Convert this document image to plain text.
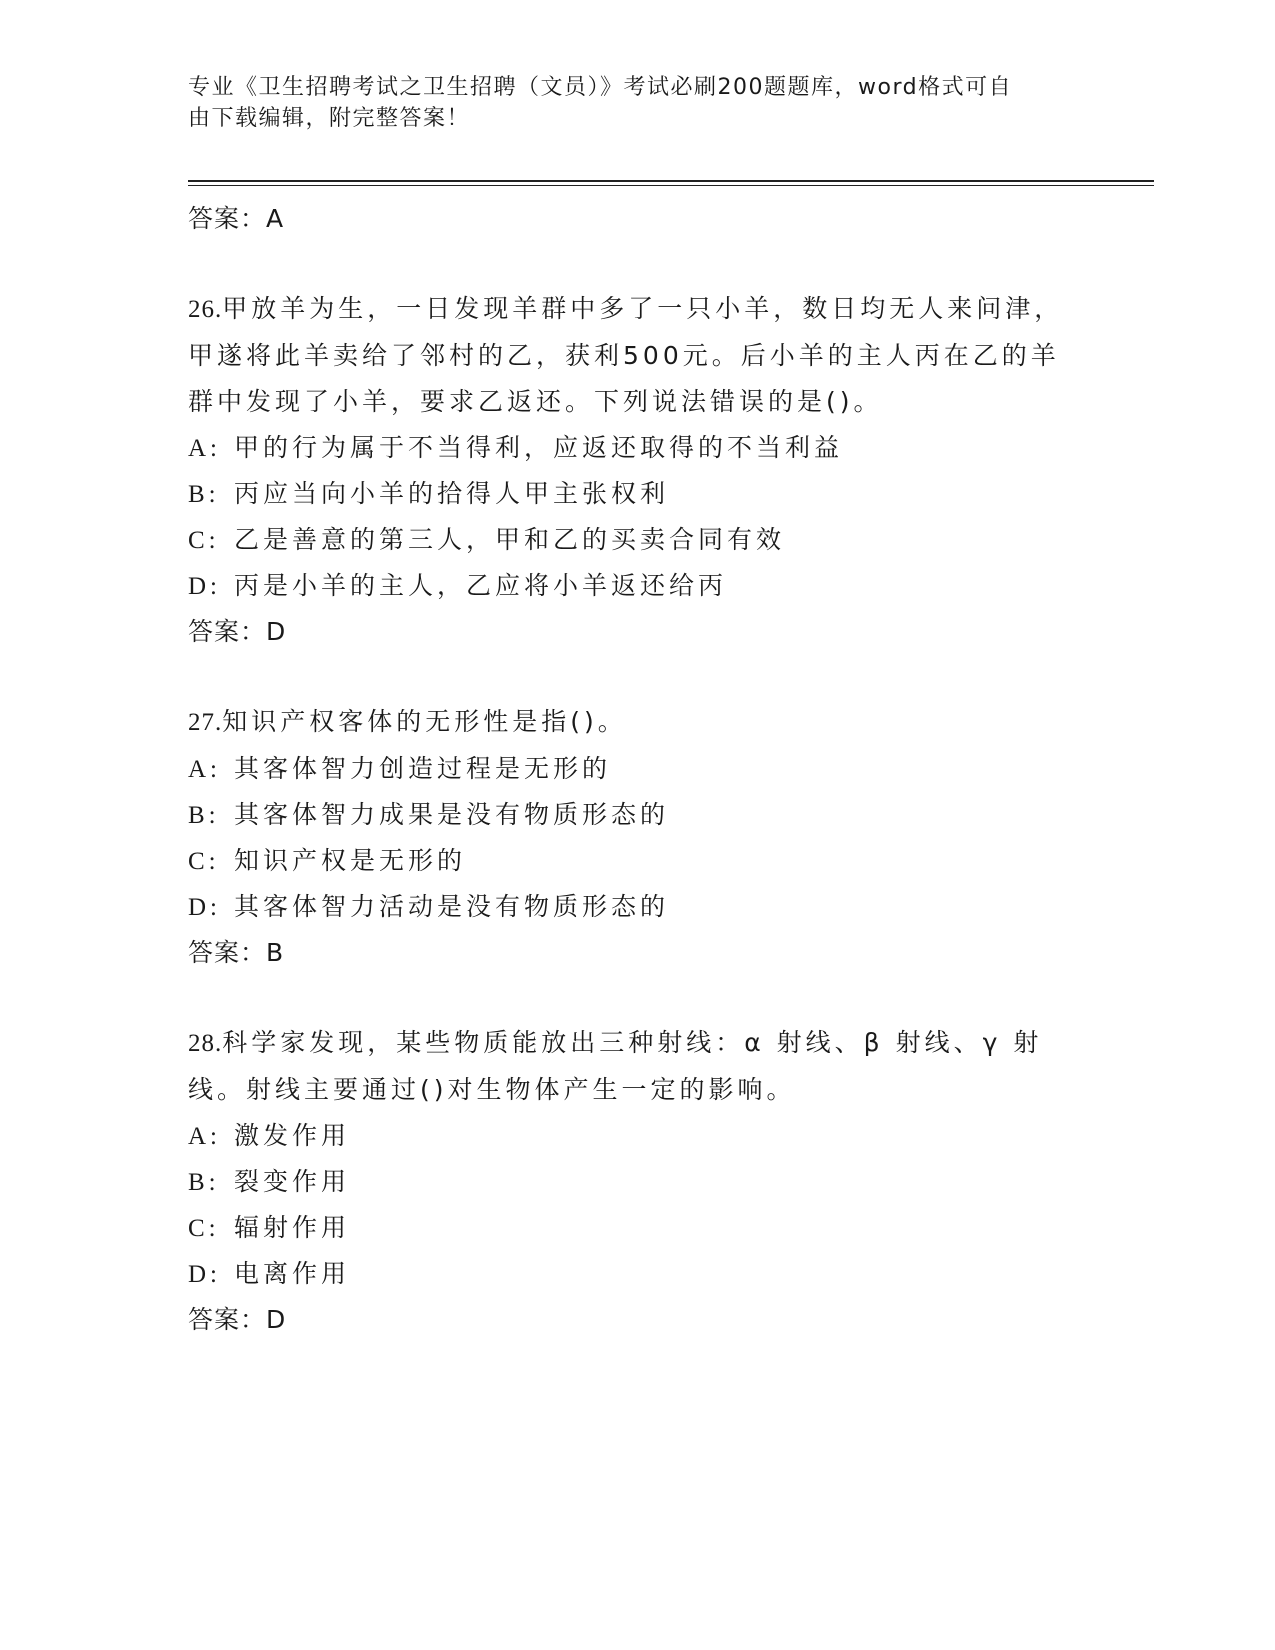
专业《卫生招聘考试之卫生招聘（文员）》考试必刷200题题库，word格式可自
由下载编辑，附完整答案！
答案：A
26.甲放羊为生，一日发现羊群中多了一只小羊，数日均无人来问津，甲遂将此羊卖给了邻村的乙，获利500元。后小羊的主人丙在乙的羊群中发现了小羊，要求乙返还。下列说法错误的是()。
A: 甲的行为属于不当得利，应返还取得的不当利益
B: 丙应当向小羊的拾得人甲主张权利
C: 乙是善意的第三人，甲和乙的买卖合同有效
D: 丙是小羊的主人，乙应将小羊返还给丙
答案：D
27.知识产权客体的无形性是指()。
A: 其客体智力创造过程是无形的
B: 其客体智力成果是没有物质形态的
C: 知识产权是无形的
D: 其客体智力活动是没有物质形态的
答案：B
28.科学家发现，某些物质能放出三种射线：α 射线、β 射线、γ 射线。射线主要通过()对生物体产生一定的影响。
A: 激发作用
B: 裂变作用
C: 辐射作用
D: 电离作用
答案：D
